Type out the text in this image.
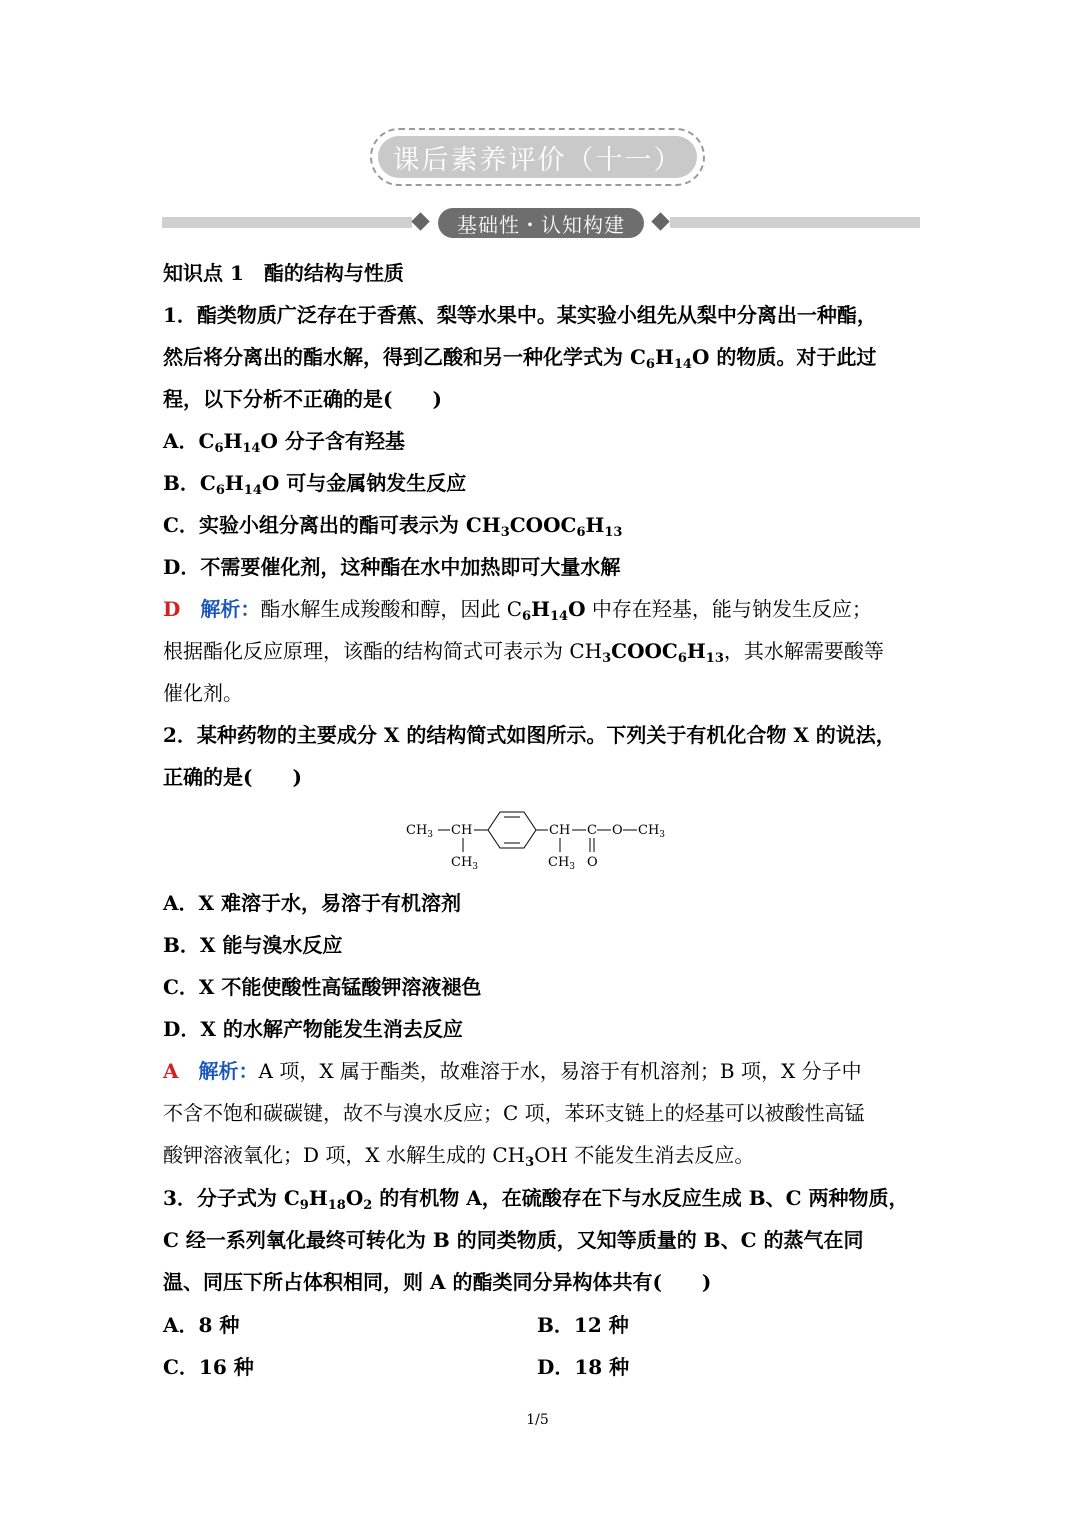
课后素养评价（十一）
基础性・认知构建
知识点 1　酯的结构与性质
1．酯类物质广泛存在于香蕉、梨等水果中。某实验小组先从梨中分离出一种酯，
然后将分离出的酯水解，得到乙酸和另一种化学式为 $C_6H_{14}O$ 的物质。对于此过
程，以下分析不正确的是(　　)
A．$C_6H_{14}O$ 分子含有羟基
B．$C_6H_{14}O$ 可与金属钠发生反应
C．实验小组分离出的酯可表示为 $CH_3COOC_6H_{13}$
D．不需要催化剂，这种酯在水中加热即可大量水解
D　 解析：酯水解生成羧酸和醇，因此 $C_6H_{14}O$ 中存在羟基，能与钠发生反应；
根据酯化反应原理，该酯的结构简式可表示为 $CH_3COOC_6H_{13}$，其水解需要酸等
催化剂。
2．某种药物的主要成分 X 的结构简式如图所示。下列关于有机化合物 X 的说法，
正确的是(　　)
$CH_3$ CH
$CH_3$
CH
$CH_3$
C
O
O $CH_3$
A．X 难溶于水，易溶于有机溶剂
B．X 能与溴水反应
C．X 不能使酸性高锰酸钾溶液褪色
D．X 的水解产物能发生消去反应
A　 解析：A 项，X 属于酯类，故难溶于水，易溶于有机溶剂；B 项，X 分子中
不含不饱和碳碳键，故不与溴水反应；C 项，苯环支链上的烃基可以被酸性高锰
酸钾溶液氧化；D 项，X 水解生成的 $CH_3OH$ 不能发生消去反应。
3．分子式为 $C_9H_{18}O_2$ 的有机物 A，在硫酸存在下与水反应生成 B、C 两种物质，
C 经一系列氧化最终可转化为 B 的同类物质，又知等质量的 B、C 的蒸气在同
温、同压下所占体积相同，则 A 的酯类同分异构体共有(　　)
A．8 种	B．12 种
C．16 种	D．18 种
1/5
